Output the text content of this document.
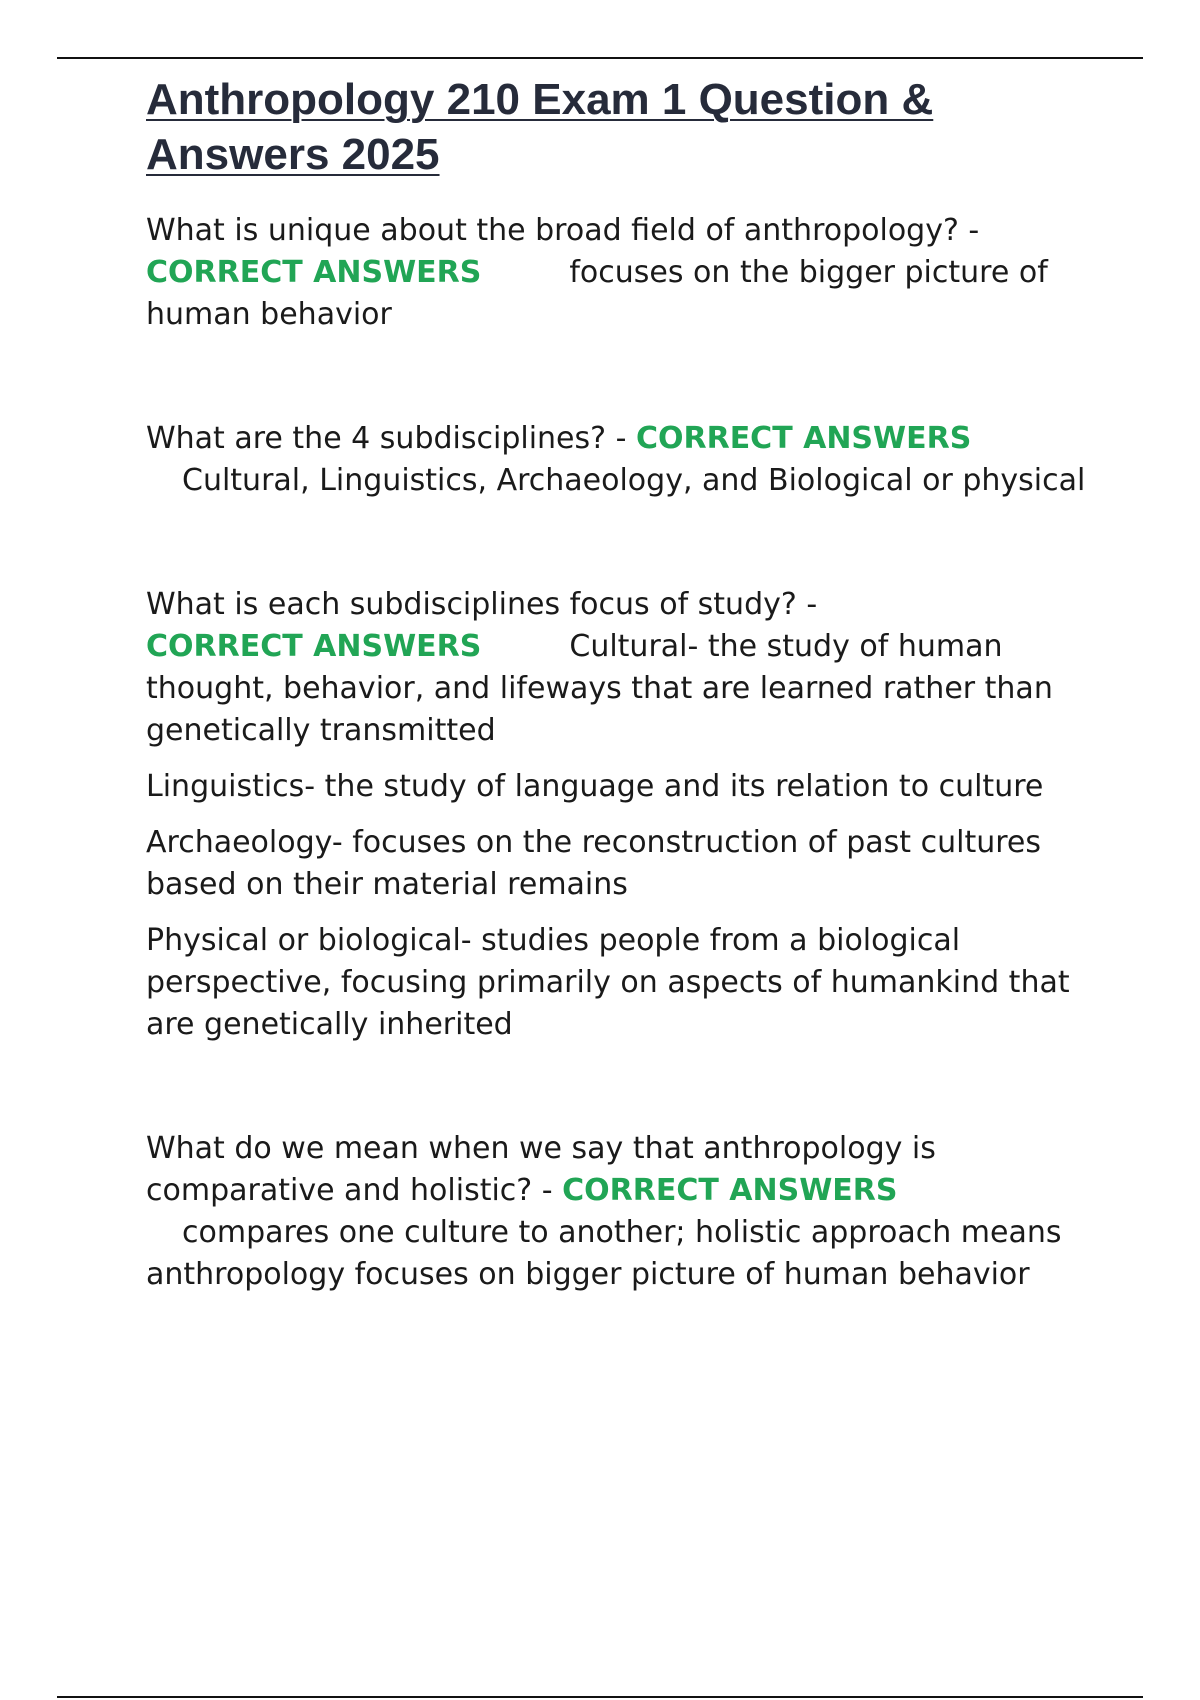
Anthropology 210 Exam 1 Question & Answers 2025

What is unique about the broad field of anthropology? - CORRECT ANSWERS	focuses on the bigger picture of human behavior

What are the 4 subdisciplines? - CORRECT ANSWERS
Cultural, Linguistics, Archaeology, and Biological or physical

What is each subdisciplines focus of study? - CORRECT ANSWERS	Cultural- the study of human thought, behavior, and lifeways that are learned rather than genetically transmitted

Linguistics- the study of language and its relation to culture

Archaeology- focuses on the reconstruction of past cultures based on their material remains

Physical or biological- studies people from a biological perspective, focusing primarily on aspects of humankind that are genetically inherited

What do we mean when we say that anthropology is comparative and holistic? - CORRECT ANSWERS
compares one culture to another; holistic approach means anthropology focuses on bigger picture of human behavior
